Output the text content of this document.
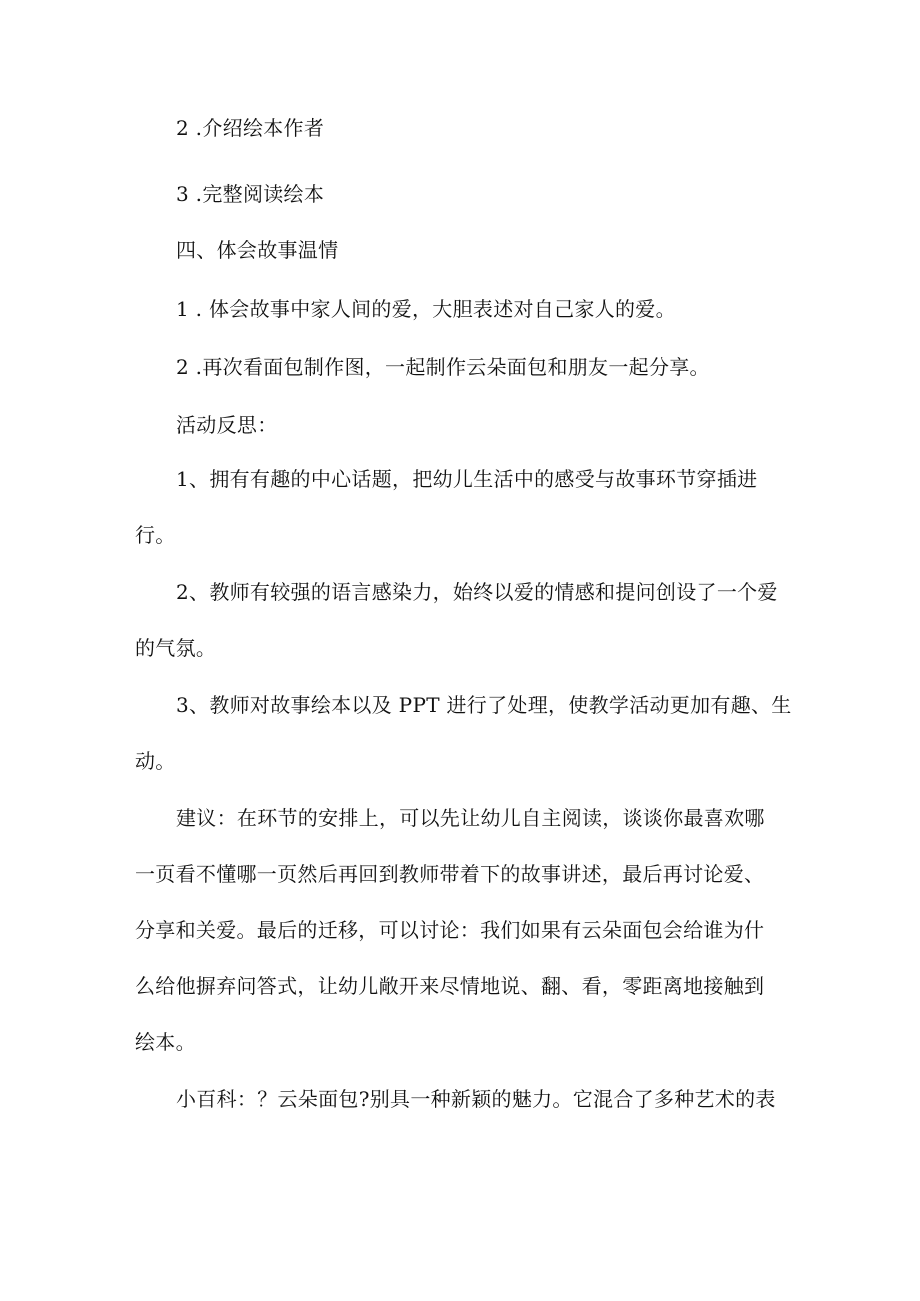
2 .介绍绘本作者
3 .完整阅读绘本
四、体会故事温情
1 . 体会故事中家人间的爱，大胆表述对自己家人的爱。
2 .再次看面包制作图，一起制作云朵面包和朋友一起分享。
活动反思：
1、拥有有趣的中心话题，把幼儿生活中的感受与故事环节穿插进
行。
2、教师有较强的语言感染力，始终以爱的情感和提问创设了一个爱
的气氛。
3、教师对故事绘本以及 PPT 进行了处理，使教学活动更加有趣、生
动。
建议：在环节的安排上，可以先让幼儿自主阅读，谈谈你最喜欢哪
一页看不懂哪一页然后再回到教师带着下的故事讲述，最后再讨论爱、
分享和关爱。最后的迁移，可以讨论：我们如果有云朵面包会给谁为什
么给他摒弃问答式，让幼儿敞开来尽情地说、翻、看，零距离地接触到
绘本。
小百科：？云朵面包?别具一种新颖的魅力。它混合了多种艺术的表
